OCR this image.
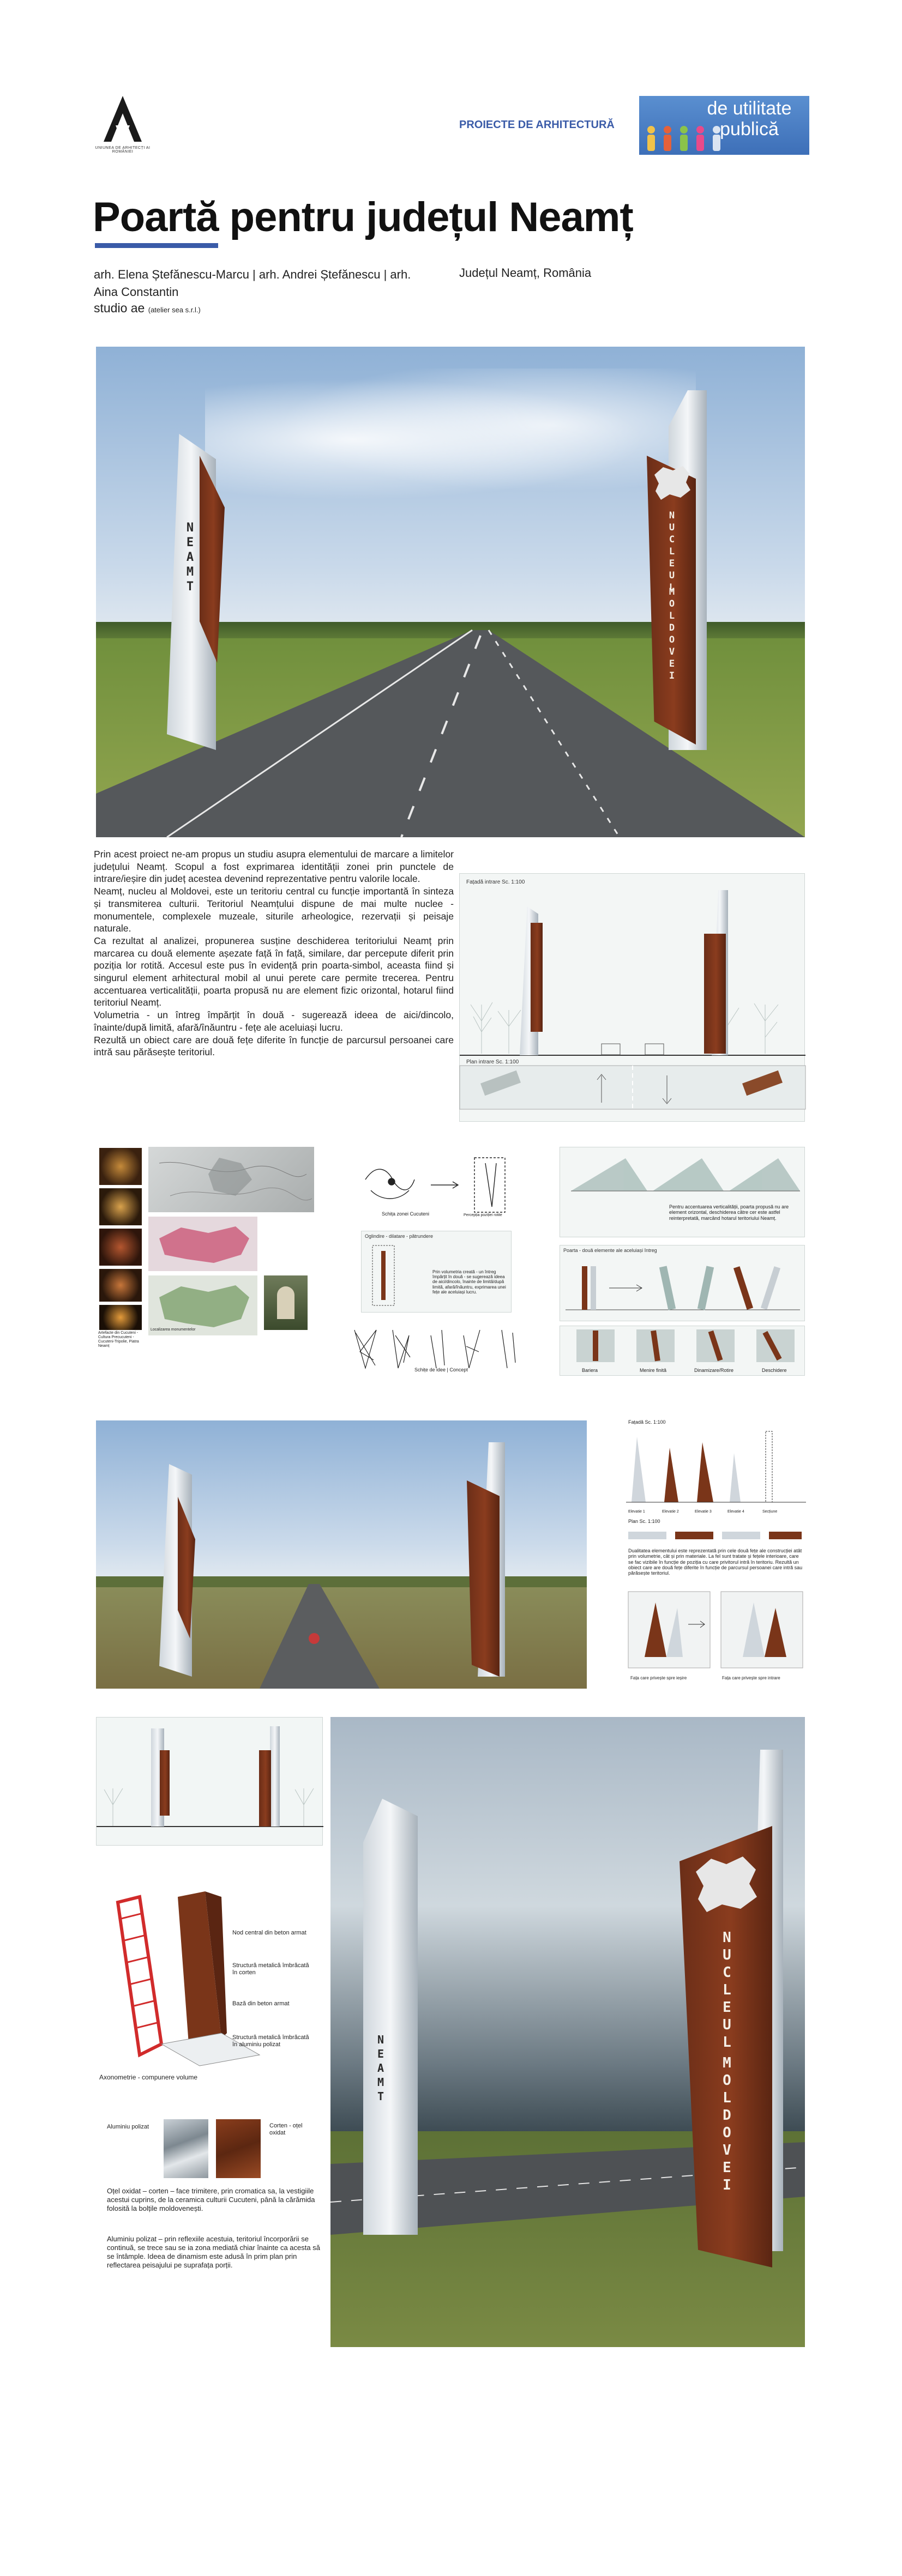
UNIUNEA DE ARHITECȚI AI ROMÂNIEI
PROIECTE DE ARHITECTURĂ
de utilitate publică
Poartă pentru județul Neamț
arh. Elena Ștefănescu-Marcu | arh. Andrei Ștefănescu | arh. Aina Constantin
studio ae (atelier sea s.r.l.)
Județul Neamț, România
NEAMT	NUCLEUL
MOLDOVEI

Prin acest proiect ne-am propus un studiu asupra elementului de marcare a limitelor județului Neamț. Scopul a fost exprimarea identității zonei prin punctele de intrare/ieșire din județ acestea devenind reprezentative pentru valorile locale.

Neamț, nucleu al Moldovei, este un teritoriu central cu funcție importantă în sinteza și transmiterea culturii. Teritoriul Neamțului dispune de mai multe nuclee - monumentele, complexele muzeale, siturile arheologice, rezervații și peisaje naturale.

Ca rezultat al analizei, propunerea susține deschiderea teritoriului Neamț prin marcarea cu două elemente așezate față în față, similare, dar percepute diferit prin poziția lor rotită. Accesul este pus în evidență prin poarta-simbol, aceasta fiind și singurul element arhitectural mobil al unui perete care permite trecerea. Pentru accentuarea verticalității, poarta propusă nu are element fizic orizontal, hotarul fiind teritoriul Neamț.

Volumetria - un întreg împărțit în două - sugerează ideea de aici/dincolo, înainte/după limită, afară/înăuntru - fețe ale aceluiași lucru.

Rezultă un obiect care are două fețe diferite în funcție de parcursul persoanei care intră sau părăsește teritoriul.

Fațadă intrare Sc. 1:100
Plan intrare Sc. 1:100
Artefacte din Cucuteni - Cultura Precucuteni - Cucuteni-Tripolie, Piatra Neamț
Localizarea monumentelor
Schița zonei Cucuteni	Percepția poziției rotite
Oglindire - dilatare - pătrundere
Prin volumetria creată - un întreg împărțit în două - se sugerează ideea de aici/dincolo, înainte de limită/după limită, afară/înăuntru, exprimarea unei fețe ale aceluiași lucru.
Schițe de idee | Concept
Pentru accentuarea verticalității, poarta propusă nu are element orizontal, deschiderea către cer este astfel reinterpretată, marcând hotarul teritoriului Neamț.
Poarta - două elemente ale aceluiași întreg
Bariera	Menire finită	Dinamizare/Rotire	Deschidere
Fațadă Sc. 1:100
Elevatie 1	Elevatie 2	Elevatie 3	Elevatie 4	Secțiune
Plan Sc. 1:100
Dualitatea elementului este reprezentată prin cele două fețe ale construcției atât prin volumetrie, cât și prin materiale. La fel sunt tratate și fețele interioare, care se fac vizibile în funcție de poziția cu care privitorul intră în teritoriu. Rezultă un obiect care are două fețe diferite în funcție de parcursul persoanei care intră sau părăsește teritoriul.
Fața care privește spre ieșire	Fața care privește spre intrare
Nod central din beton armat
Structură metalică îmbrăcată în corten
Bază din beton armat
Structură metalică îmbrăcată în aluminiu polizat
Axonometrie - compunere volume
Aluminiu polizat	Corten - oțel oxidat
Oțel oxidat – corten – face trimitere, prin cromatica sa, la vestigiile acestui cuprins, de la ceramica culturii Cucuteni, până la cărămida folosită la bolțile moldovenești.
Aluminiu polizat – prin reflexiile acestuia, teritoriul încorporării se continuă, se trece sau se ia zona mediată chiar înainte ca acesta să se întâmple. Ideea de dinamism este adusă în prim plan prin reflectarea peisajului pe suprafața porții.
NEAMT
NUCLEUL
MOLDOVEI
